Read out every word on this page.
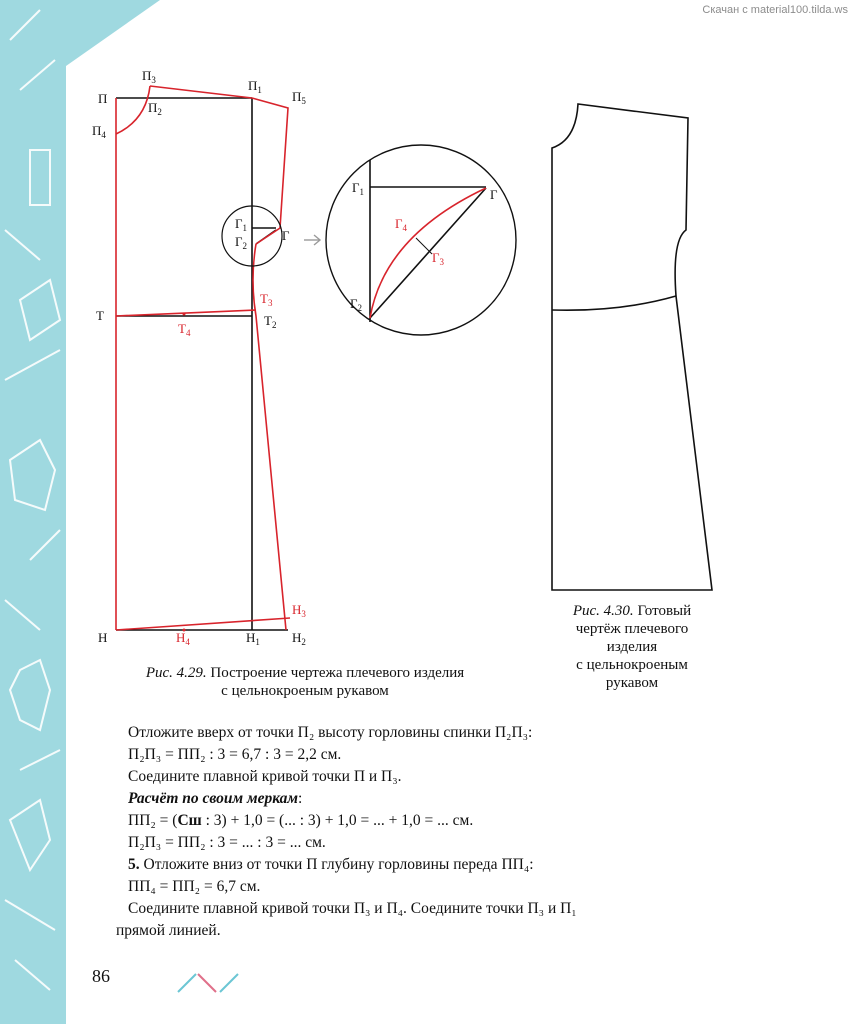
Скачан с material100.tilda.ws
П
$П_3$
$П_2$
$П_1$ $П_5$
$П_4$
$Г_1$
$Г_2$
Г
Т
$Т_3$
$Т_2$
$Т_4$
Н	$Н_4$	$Н_1$ $Н_2$
$Н_3$
$Г_1$	Г
$Г_4$
$Г_3$
$Г_2$
Рис. 4.29. Построение чертежа плечевого изделия
с цельнокроеным рукавом
Рис. 4.30. Готовый
чертёж плечевого
изделия
с цельнокроеным
рукавом

Отложите вверх от точки П₂ высоту горловины спинки П₂П₃:

П₂П₃ = ПП₂ : 3 = 6,7 : 3 = 2,2 см.

Соедините плавной кривой точки П и П₃.

Расчёт по своим меркам:

ПП₂ = (Сш : 3) + 1,0 = (... : 3) + 1,0 = ... + 1,0 = ... см.

П₂П₃ = ПП₂ : 3 = ... : 3 = ... см.

5. Отложите вниз от точки П глубину горловины переда ПП₄:

ПП₄ = ПП₂ = 6,7 см.

Соедините плавной кривой точки П₃ и П₄. Соедините точки П₃ и П₁

прямой линией.

86
